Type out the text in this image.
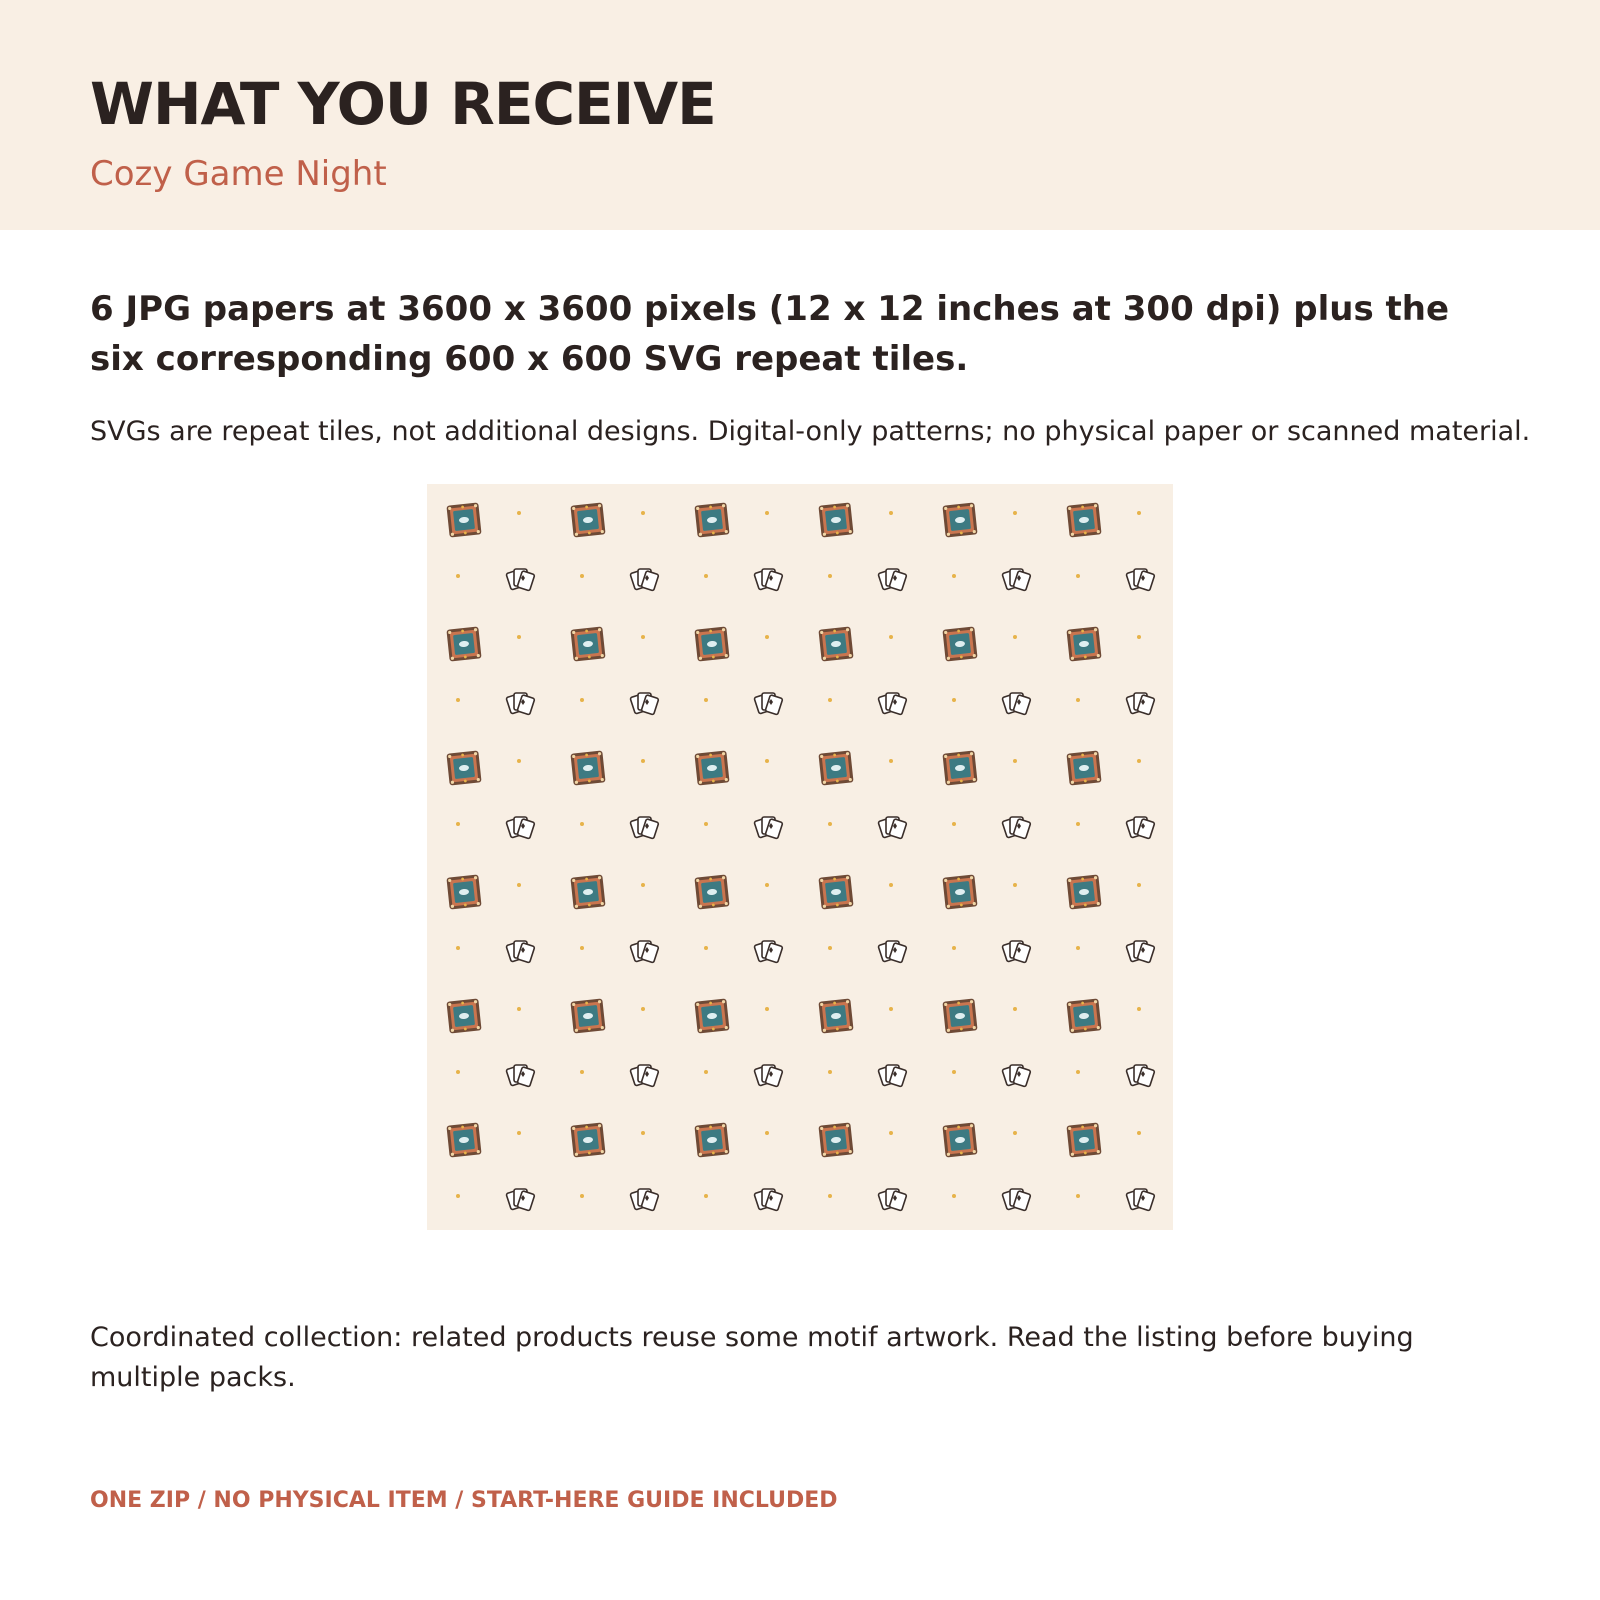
WHAT YOU RECEIVE
Cozy Game Night
6 JPG papers at 3600 x 3600 pixels (12 x 12 inches at 300 dpi) plus the six corresponding 600 x 600 SVG repeat tiles.
SVGs are repeat tiles, not additional designs. Digital-only patterns; no physical paper or scanned material.
Coordinated collection: related products reuse some motif artwork. Read the listing before buying multiple packs.
ONE ZIP / NO PHYSICAL ITEM / START-HERE GUIDE INCLUDED
